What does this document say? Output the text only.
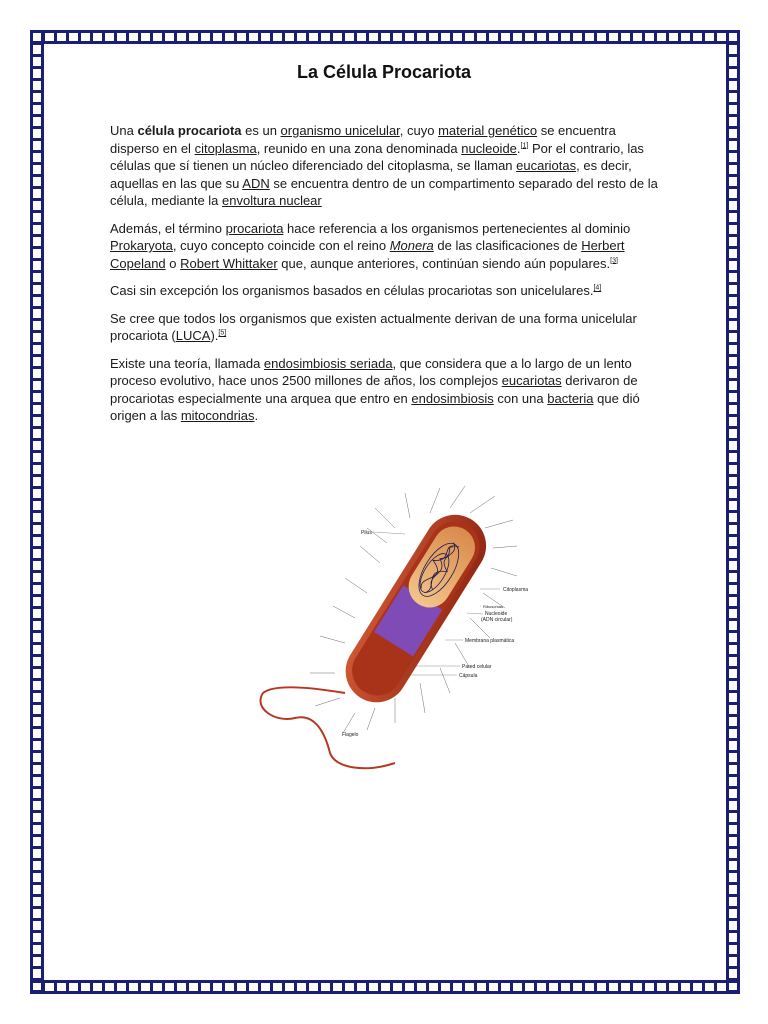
La Célula Procariota

Una célula procariota es un organismo unicelular, cuyo material genético se encuentra disperso en el citoplasma, reunido en una zona denominada nucleoide.[1] Por el contrario, las células que sí tienen un núcleo diferenciado del citoplasma, se llaman eucariotas, es decir, aquellas en las que su ADN se encuentra dentro de un compartimento separado del resto de la célula, mediante la envoltura nuclear

Además, el término procariota hace referencia a los organismos pertenecientes al dominio Prokaryota, cuyo concepto coincide con el reino Monera de las clasificaciones de Herbert Copeland o Robert Whittaker que, aunque anteriores, continúan siendo aún populares.[3]

Casi sin excepción los organismos basados en células procariotas son unicelulares.[4]

Se cree que todos los organismos que existen actualmente derivan de una forma unicelular procariota (LUCA).[5]

Existe una teoría, llamada endosimbiosis seriada, que considera que a lo largo de un lento proceso evolutivo, hace unos 2500 millones de años, los complejos eucariotas derivaron de procariotas especialmente una arquea que entro en endosimbiosis con una bacteria que dió origen a las mitocondrias.

Pilus
Citoplasma
Ribosomas
Nucleoide
(ADN circular)
Membrana plasmática
Pared celular
Cápsula
Flagelo
